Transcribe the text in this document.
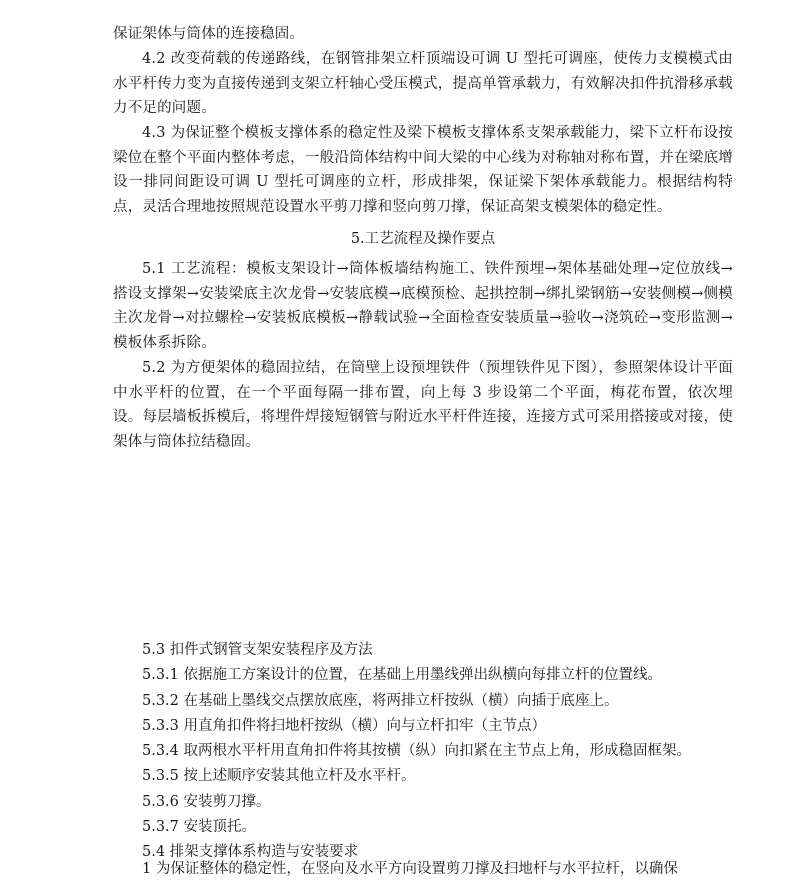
保证架体与筒体的连接稳固。

4.2 改变荷载的传递路线，在钢管排架立杆顶端设可调 U 型托可调座，使传力支模模式由水平杆传力变为直接传递到支架立杆轴心受压模式，提高单管承载力，有效解决扣件抗滑移承载力不足的问题。

4.3 为保证整个模板支撑体系的稳定性及梁下模板支撑体系支架承载能力，梁下立杆布设按梁位在整个平面内整体考虑，一般沿筒体结构中间大梁的中心线为对称轴对称布置，并在梁底增设一排同间距设可调 U 型托可调座的立杆，形成排架，保证梁下架体承载能力。根据结构特点，灵活合理地按照规范设置水平剪刀撑和竖向剪刀撑，保证高架支模架体的稳定性。

5.工艺流程及操作要点

5.1 工艺流程：模板支架设计→筒体板墙结构施工、铁件预埋→架体基础处理→定位放线→搭设支撑架→安装梁底主次龙骨→安装底模→底模预检、起拱控制→绑扎梁钢筋→安装侧模→侧模主次龙骨→对拉螺栓→安装板底模板→静载试验→全面检查安装质量→验收→浇筑砼→变形监测→模板体系拆除。

5.2 为方便架体的稳固拉结，在筒壁上设预埋铁件（预埋铁件见下图），参照架体设计平面中水平杆的位置，在一个平面每隔一排布置，向上每 3 步设第二个平面，梅花布置，依次埋设。每层墙板拆模后，将埋件焊接短钢管与附近水平杆件连接，连接方式可采用搭接或对接，使架体与筒体拉结稳固。

5.3 扣件式钢管支架安装程序及方法
5.3.1 依据施工方案设计的位置，在基础上用墨线弹出纵横向每排立杆的位置线。
5.3.2 在基础上墨线交点摆放底座，将两排立杆按纵（横）向插于底座上。
5.3.3 用直角扣件将扫地杆按纵（横）向与立杆扣牢（主节点）
5.3.4 取两根水平杆用直角扣件将其按横（纵）向扣紧在主节点上角，形成稳固框架。
5.3.5 按上述顺序安装其他立杆及水平杆。
5.3.6 安装剪刀撑。
5.3.7 安装顶托。
5.4 排架支撑体系构造与安装要求
1 为保证整体的稳定性，在竖向及水平方向设置剪刀撑及扫地杆与水平拉杆，以确保
